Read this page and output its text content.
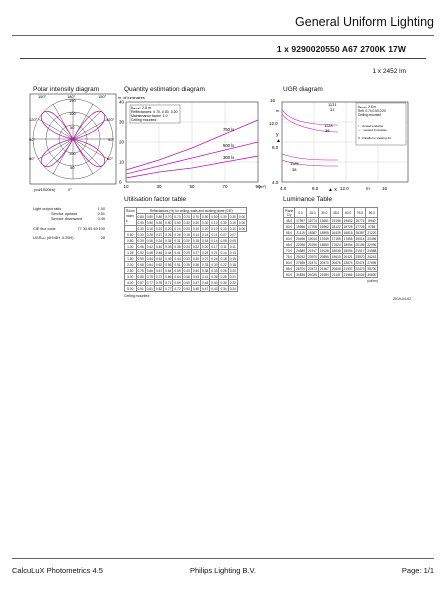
General Uniform Lighting
1 x 9290020550 A67 2700K 17W
1 x 2452 lm
Polar intensity diagram	Quantity estimation diagram	UGR diagram
150°	180°	150°
120°
90°
60°
120°
90°
60°
150
100
50
100
50
(cd/1000lm)	0°
nr. of luminaires
0
10
20
30
40
10	30	50	70	90
750 lx
500 lx
300 lx
hₘₒᵤₙₜ: 2.8 m
Reflectances: 0.70, 0.50, 0.20
Maintenance factor: 1.0
Ceiling mounted
(m²)
16
m
12.0
8.0
4.0
4.0	8.0	12.0	m	16
▲ x
y
▲
hₘₒᵤₙₜ: 2.8 m
Refl: 0.70,0.50,0.20
Ceiling mounted
↕ : viewed endwise
↔ : viewed crosswise
X : Parallel to viewing dir.
1131
31
1128
38
1125
38
Utilisation factor table	Luminance Table
Light output ratio	1.00
Service upward	0.51
Service downward	0.49
CIE flux code	77 33 65 49 100
UGRₓₙₙ (4H×8H, 0.25H)	28
Room
Index
k	Reflectances (%) for ceiling, walls and working plane (CIE)											
	0.80	0.80	0.80	0.70	0.70	0.70	0.70	0.50	0.50	0.30	0.30	0.00
	0.50	0.50	0.30	0.50	0.50	0.30	0.30	0.30	0.10	0.30	0.10	0.00
	0.30	0.10	0.10	0.20	0.10	0.20	0.10	0.10	0.10	0.10	0.10	0.00
0.60	0.30	0.28	0.27	0.26	0.26	0.16	0.14	0.14	0.11	0.07	0.07	
0.80	0.39	0.36	0.34	0.34	0.31	0.20	0.18	0.18	0.14	0.08	0.09	
1.00	0.46	0.42	0.40	0.39	0.36	0.24	0.22	0.20	0.17	0.11	0.11	
1.25	0.52	0.48	0.46	0.44	0.41	0.29	0.27	0.23	0.21	0.14	0.13	
1.50	0.59	0.54	0.52	0.49	0.44	0.33	0.30	0.27	0.24	0.18	0.15	
2.00	0.68	0.64	0.62	0.56	0.51	0.39	0.36	0.33	0.30	0.22	0.18	
2.50	0.75	0.66	0.67	0.64	0.59	0.43	0.40	0.38	0.33	0.26	0.20	
3.00	0.80	0.75	0.72	0.66	0.64	0.46	0.43	0.41	0.36	0.28	0.21	
4.00	0.87	0.77	0.78	0.71	0.69	0.50	0.47	0.44	0.40	0.30	0.22	
5.00	0.91	0.81	0.82	0.77	0.72	0.53	0.48	0.47	0.43	0.34	0.24	
Ceiling mounted
Plane
C/γ	0.0	15.0	30.0	45.0	60.0	75.0	90.0
45.0	17997	15774	13651	19196	19652	15774	8940
50.0	19956	17708	16962	18122	18725	17726	9784
55.0	21119	18387	18895	16439	16815	18387	21220
60.0	20496	19014	17649	17159	17655	19014	20496
65.0	22096	20196	18850	17624	18054	20196	22096
70.0	24589	21917	19128	18038	18054	21917	24588
75.0	26242	23970	20895	19615	20421	23970	26242
80.0	27695	22474	20470	20676	22874	22474	27695
85.0	28700	22473	21367	20605	21937	22473	28700
90.0	30830	24026	21984	21141	21984	24026	30830
(cd/m²)
2019-04-02
CalcuLuX Photometrics 4.5	Philips Lighting B.V.	Page: 1/1
